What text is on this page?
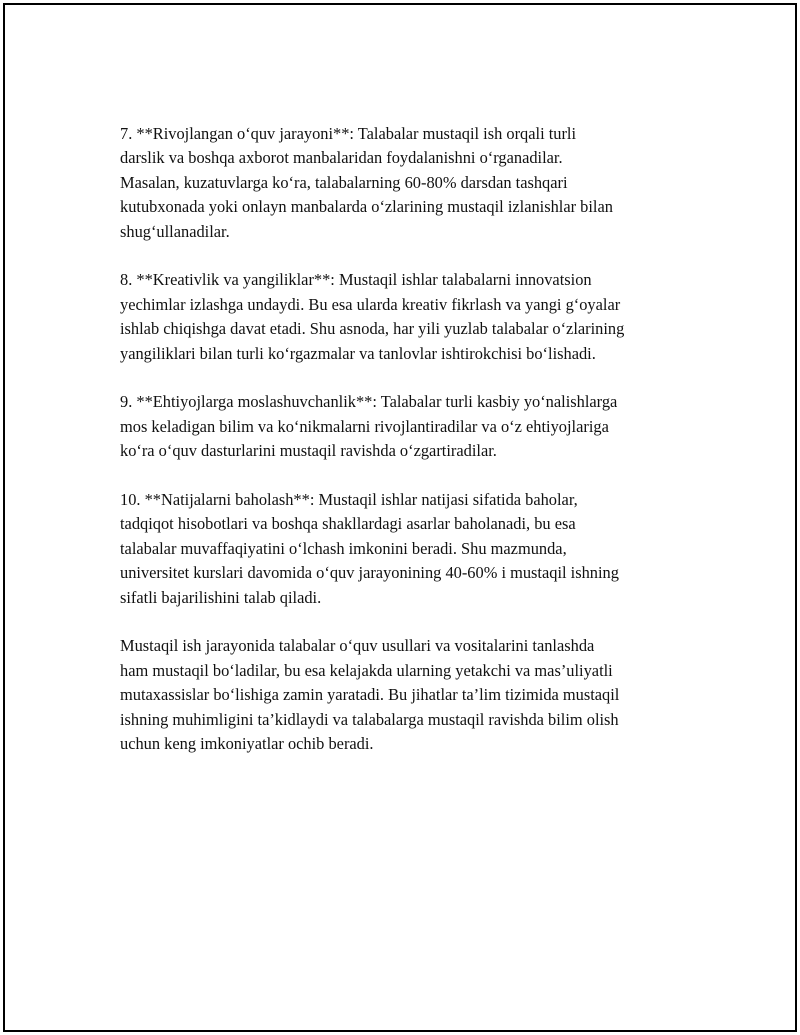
7. **Rivojlangan o‘quv jarayoni**: Talabalar mustaqil ish orqali turli
darslik va boshqa axborot manbalaridan foydalanishni o‘rganadilar.
Masalan, kuzatuvlarga ko‘ra, talabalarning 60-80% darsdan tashqari
kutubxonada yoki onlayn manbalarda o‘zlarining mustaqil izlanishlar bilan
shug‘ullanadilar.

8. **Kreativlik va yangiliklar**: Mustaqil ishlar talabalarni innovatsion
yechimlar izlashga undaydi. Bu esa ularda kreativ fikrlash va yangi g‘oyalar
ishlab chiqishga davat etadi. Shu asnoda, har yili yuzlab talabalar o‘zlarining
yangiliklari bilan turli ko‘rgazmalar va tanlovlar ishtirokchisi bo‘lishadi.

9. **Ehtiyojlarga moslashuvchanlik**: Talabalar turli kasbiy yo‘nalishlarga
mos keladigan bilim va ko‘nikmalarni rivojlantiradilar va o‘z ehtiyojlariga
ko‘ra o‘quv dasturlarini mustaqil ravishda o‘zgartiradilar.

10. **Natijalarni baholash**: Mustaqil ishlar natijasi sifatida baholar,
tadqiqot hisobotlari va boshqa shakllardagi asarlar baholanadi, bu esa
talabalar muvaffaqiyatini o‘lchash imkonini beradi. Shu mazmunda,
universitet kurslari davomida o‘quv jarayonining 40-60% i mustaqil ishning
sifatli bajarilishini talab qiladi.

Mustaqil ish jarayonida talabalar o‘quv usullari va vositalarini tanlashda
ham mustaqil bo‘ladilar, bu esa kelajakda ularning yetakchi va mas’uliyatli
mutaxassislar bo‘lishiga zamin yaratadi. Bu jihatlar ta’lim tizimida mustaqil
ishning muhimligini ta’kidlaydi va talabalarga mustaqil ravishda bilim olish
uchun keng imkoniyatlar ochib beradi.
